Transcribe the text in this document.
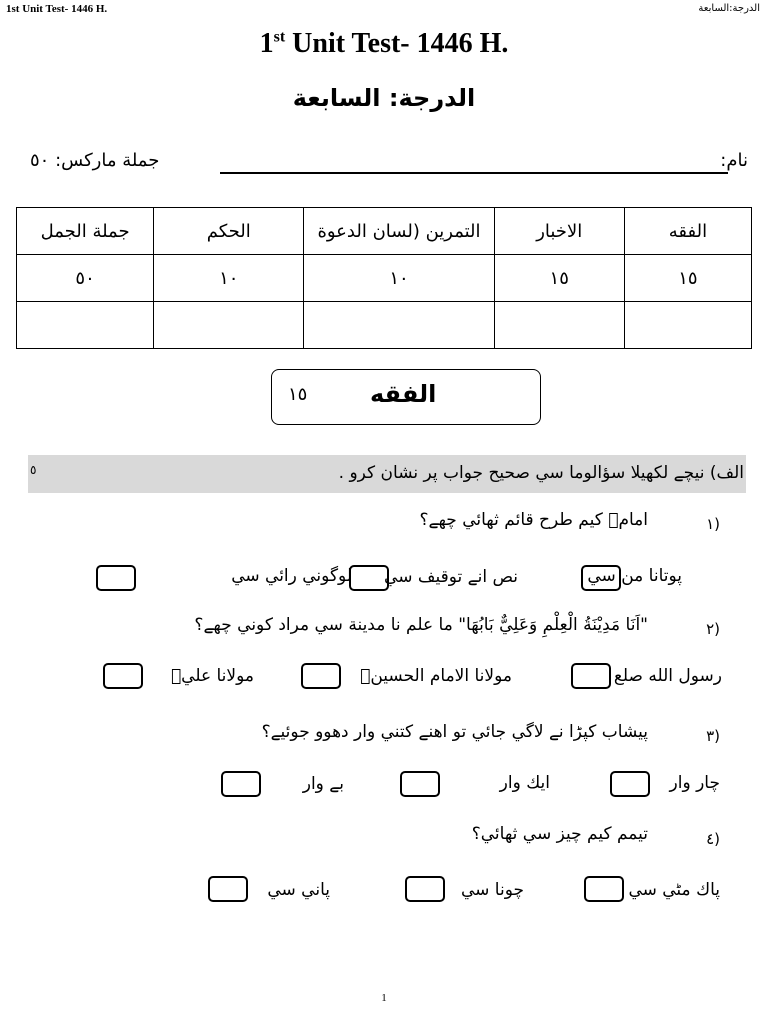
1st Unit Test- 1446 H.	الدرجة:السابعة
1st Unit Test- 1446 H.
الدرجة: السابعة
نام:
جملة ماركس: ٥٠
جملة الجمل	الحكم	التمرين (لسان الدعوة	الاخبار	الفقه
٥٠	١٠	١٠	١٥	١٥

الفقه
١٥
الف) نيچے لكھيلا سؤالوما سي صحيح جواب پر نشان كرو .
٥
١)
امامؑ كيم طرح قائم ثهائي چھے؟
پوتانا من سي
نص انے توقيف سي
لوگوني رائي سي
٢)
"اَنَا مَدِيْنَةُ الْعِلْمِ وَعَلِيٌّ بَابُهَا" ما علم نا مدينة سي مراد كوني چھے؟
رسول الله صلع
مولانا الامام الحسينؑ
مولانا عليؑ
٣)
پيشاب كپڑا نے لاگي جائي تو اهنے كتني وار دهوو جوئيے؟
چار وار
ايك وار
بے وار
٤)
تيمم كيم چيز سي ثهائي؟
پاك مٹي سي
چونا سي
پاني سي
1
